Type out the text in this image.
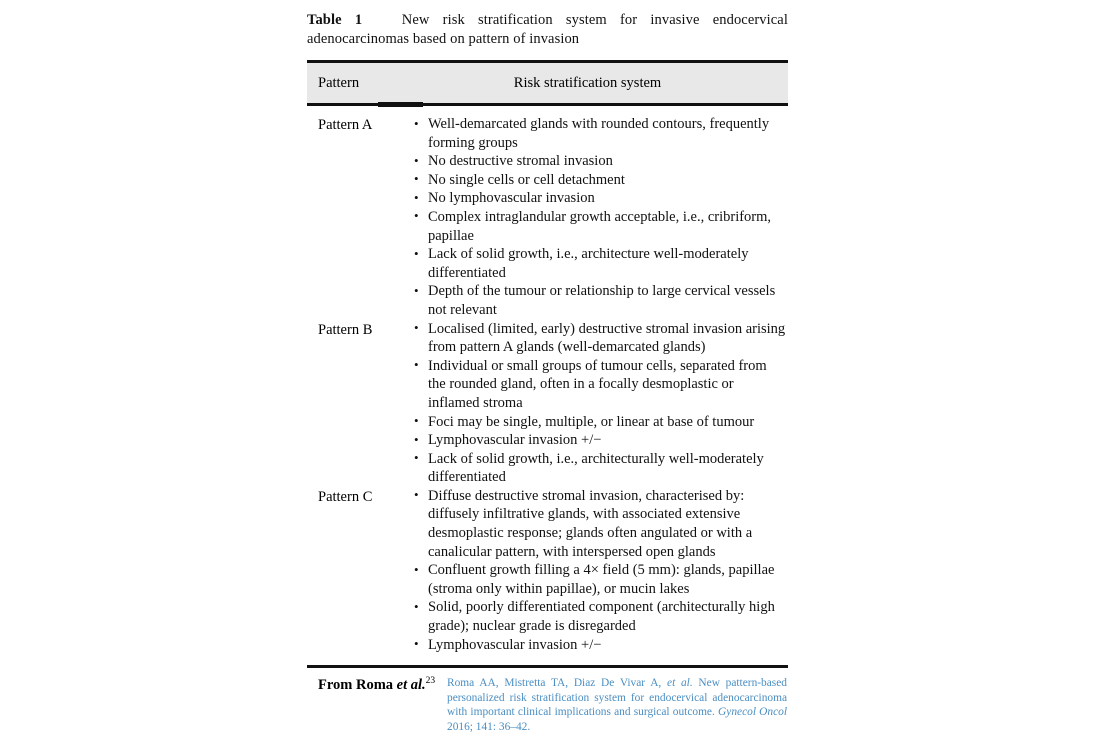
Table 1	New risk stratification system for invasive endocervical adenocarcinomas based on pattern of invasion

Pattern	Risk stratification system
Pattern A	• Well-demarcated glands with rounded contours, frequently forming groups
• No destructive stromal invasion
• No single cells or cell detachment
• No lymphovascular invasion
• Complex intraglandular growth acceptable, i.e., cribriform, papillae
• Lack of solid growth, i.e., architecture well-moderately differentiated
• Depth of the tumour or relationship to large cervical vessels not relevant
Pattern B	• Localised (limited, early) destructive stromal invasion arising from pattern A glands (well-demarcated glands)
• Individual or small groups of tumour cells, separated from the rounded gland, often in a focally desmoplastic or inflamed stroma
• Foci may be single, multiple, or linear at base of tumour
• Lymphovascular invasion +/−
• Lack of solid growth, i.e., architecturally well-moderately differentiated
Pattern C	• Diffuse destructive stromal invasion, characterised by: diffusely infiltrative glands, with associated extensive desmoplastic response; glands often angulated or with a canalicular pattern, with interspersed open glands
• Confluent growth filling a 4× field (5 mm): glands, papillae (stroma only within papillae), or mucin lakes
• Solid, poorly differentiated component (architecturally high grade); nuclear grade is disregarded
• Lymphovascular invasion +/−
From Roma et al.$^{23}$	Roma AA, Mistretta TA, Diaz De Vivar A, et al. New pattern-based personalized risk stratification system for endocervical adenocarcinoma with important clinical implications and surgical outcome. Gynecol Oncol 2016; 141: 36–42.
